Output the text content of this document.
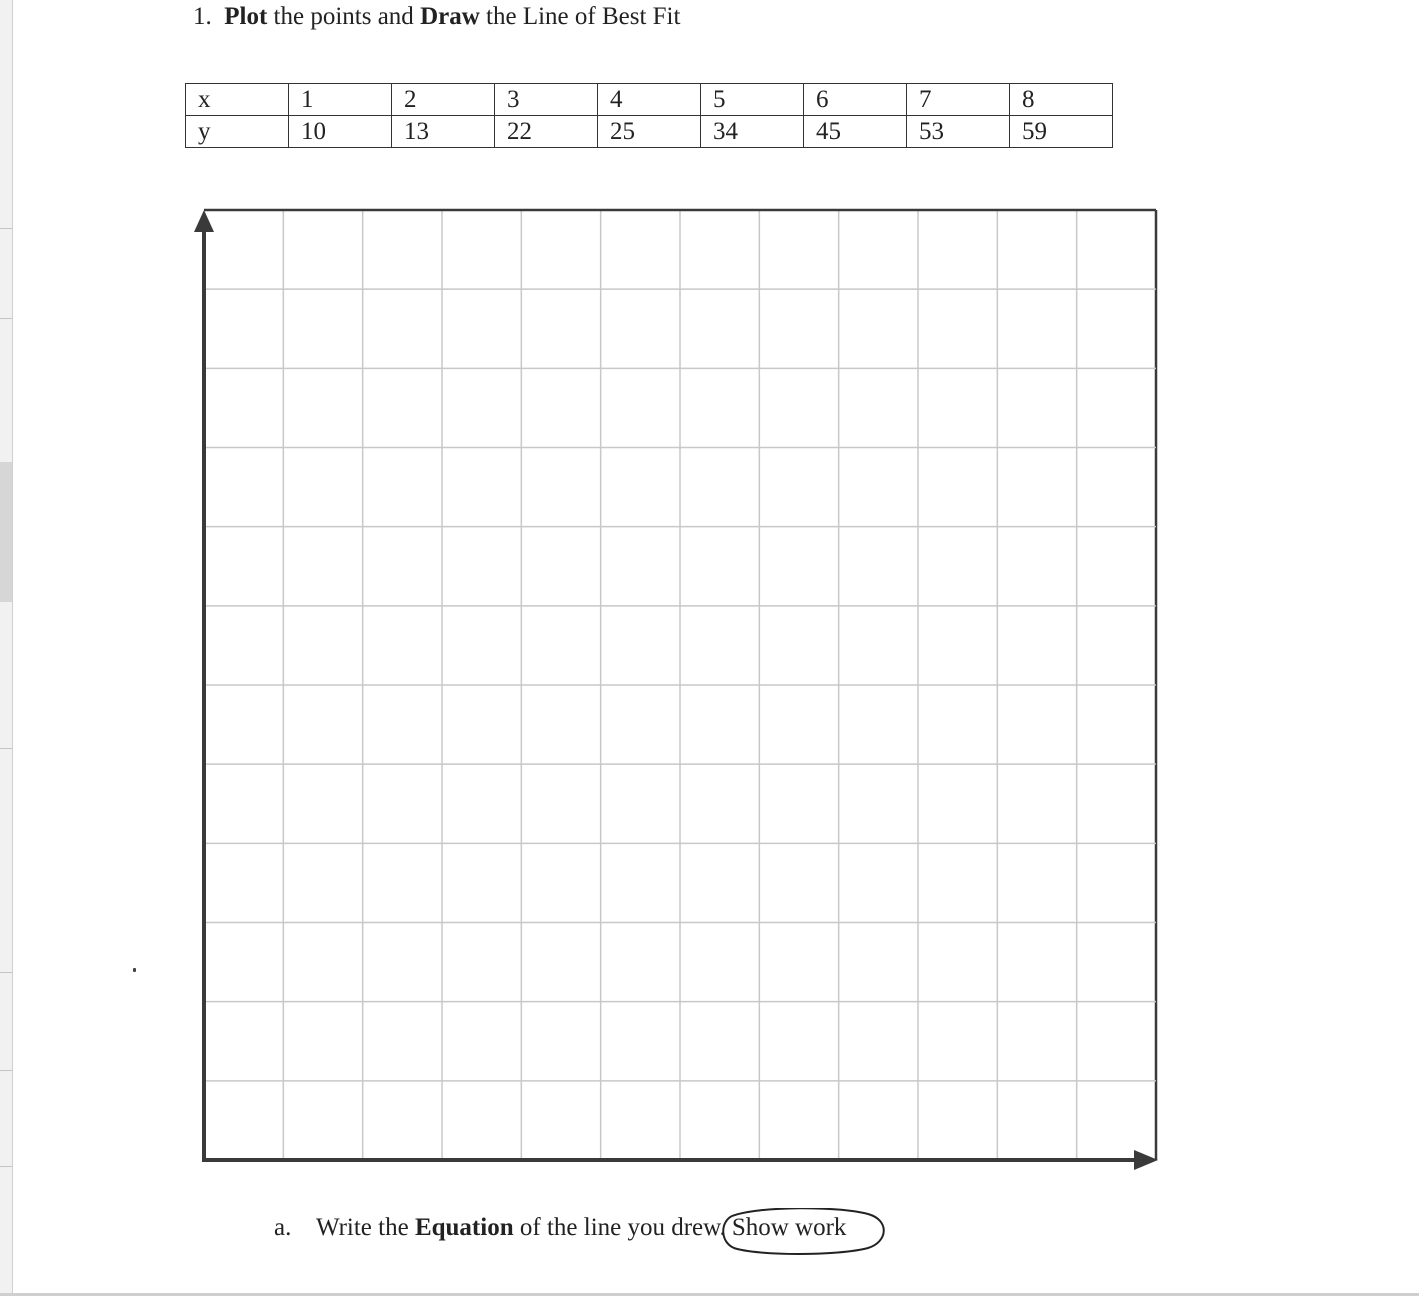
1. Plot the points and Draw the Line of Best Fit
x	1	2	3	4	5	6	7	8
y	10	13	22	25	34	45	53	59
a. Write the Equation of the line you drew. Show work
